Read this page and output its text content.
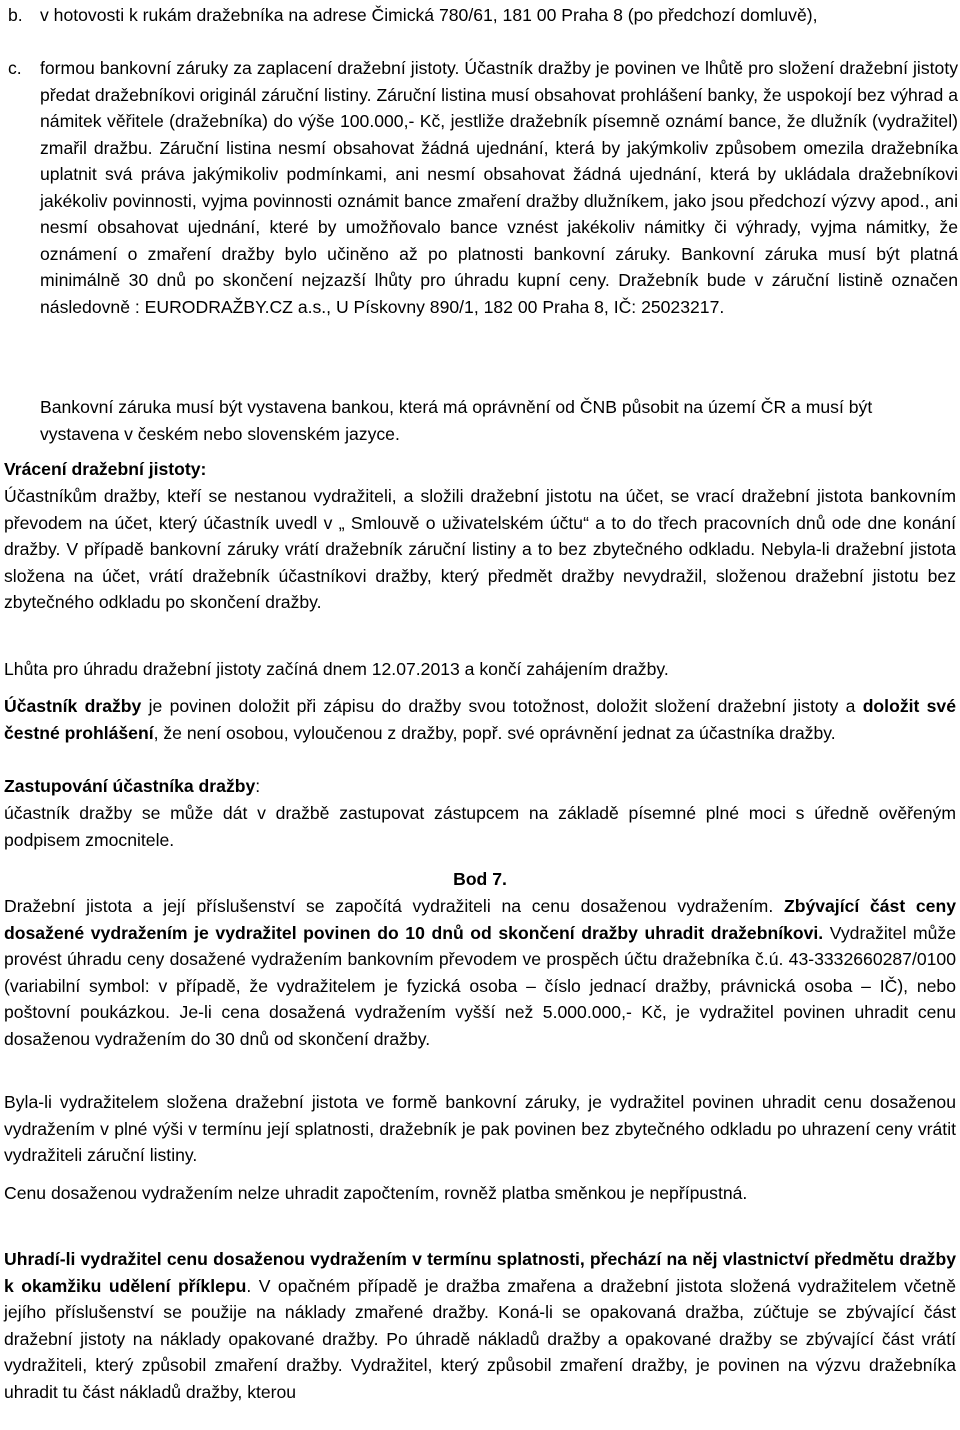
b. v hotovosti k rukám dražebníka na adrese Čimická 780/61, 181 00 Praha 8 (po předchozí domluvě),

c. formou bankovní záruky za zaplacení dražební jistoty. Účastník dražby je povinen ve lhůtě pro složení dražební jistoty předat dražebníkovi originál záruční listiny. Záruční listina musí obsahovat prohlášení banky, že uspokojí bez výhrad a námitek věřitele (dražebníka) do výše 100.000,- Kč, jestliže dražebník písemně oznámí bance, že dlužník (vydražitel) zmařil dražbu. Záruční listina nesmí obsahovat žádná ujednání, která by jakýmkoliv způsobem omezila dražebníka uplatnit svá práva jakýmikoliv podmínkami, ani nesmí obsahovat žádná ujednání, která by ukládala dražebníkovi jakékoliv povinnosti, vyjma povinnosti oznámit bance zmaření dražby dlužníkem, jako jsou předchozí výzvy apod., ani nesmí obsahovat ujednání, které by umožňovalo bance vznést jakékoliv námitky či výhrady, vyjma námitky, že oznámení o zmaření dražby bylo učiněno až po platnosti bankovní záruky. Bankovní záruka musí být platná minimálně 30 dnů po skončení nejzazší lhůty pro úhradu kupní ceny. Dražebník bude v záruční listině označen následovně : EURODRAŽBY.CZ a.s., U Pískovny 890/1, 182 00 Praha 8, IČ: 25023217.

Bankovní záruka musí být vystavena bankou, která má oprávnění od ČNB působit na území ČR a musí být vystavena v českém nebo slovenském jazyce.

Vrácení dražební jistoty:

Účastníkům dražby, kteří se nestanou vydražiteli, a složili dražební jistotu na účet, se vrací dražební jistota bankovním převodem na účet, který účastník uvedl v „ Smlouvě o uživatelském účtu“ a to do třech pracovních dnů ode dne konání dražby. V případě bankovní záruky vrátí dražebník záruční listiny a to bez zbytečného odkladu. Nebyla-li dražební jistota složena na účet, vrátí dražebník účastníkovi dražby, který předmět dražby nevydražil, složenou dražební jistotu bez zbytečného odkladu po skončení dražby.

Lhůta pro úhradu dražební jistoty začíná dnem 12.07.2013 a končí zahájením dražby.

Účastník dražby je povinen doložit při zápisu do dražby svou totožnost, doložit složení dražební jistoty a doložit své čestné prohlášení, že není osobou, vyloučenou z dražby, popř. své oprávnění jednat za účastníka dražby.

Zastupování účastníka dražby:

účastník dražby se může dát v dražbě zastupovat zástupcem na základě písemné plné moci s úředně ověřeným podpisem zmocnitele.

Bod 7.

Dražební jistota a její příslušenství se započítá vydražiteli na cenu dosaženou vydražením. Zbývající část ceny dosažené vydražením je vydražitel povinen do 10 dnů od skončení dražby uhradit dražebníkovi. Vydražitel může provést úhradu ceny dosažené vydražením bankovním převodem ve prospěch účtu dražebníka č.ú. 43-3332660287/0100 (variabilní symbol: v případě, že vydražitelem je fyzická osoba – číslo jednací dražby, právnická osoba – IČ), nebo poštovní poukázkou. Je-li cena dosažená vydražením vyšší než 5.000.000,- Kč, je vydražitel povinen uhradit cenu dosaženou vydražením do 30 dnů od skončení dražby.

Byla-li vydražitelem složena dražební jistota ve formě bankovní záruky, je vydražitel povinen uhradit cenu dosaženou vydražením v plné výši v termínu její splatnosti, dražebník je pak povinen bez zbytečného odkladu po uhrazení ceny vrátit vydražiteli záruční listiny.

Cenu dosaženou vydražením nelze uhradit započtením, rovněž platba směnkou je nepřípustná.

Uhradí-li vydražitel cenu dosaženou vydražením v termínu splatnosti, přechází na něj vlastnictví předmětu dražby k okamžiku udělení příklepu. V opačném případě je dražba zmařena a dražební jistota složená vydražitelem včetně jejího příslušenství se použije na náklady zmařené dražby. Koná-li se opakovaná dražba, zúčtuje se zbývající část dražební jistoty na náklady opakované dražby. Po úhradě nákladů dražby a opakované dražby se zbývající část vrátí vydražiteli, který způsobil zmaření dražby. Vydražitel, který způsobil zmaření dražby, je povinen na výzvu dražebníka uhradit tu část nákladů dražby, kterou
